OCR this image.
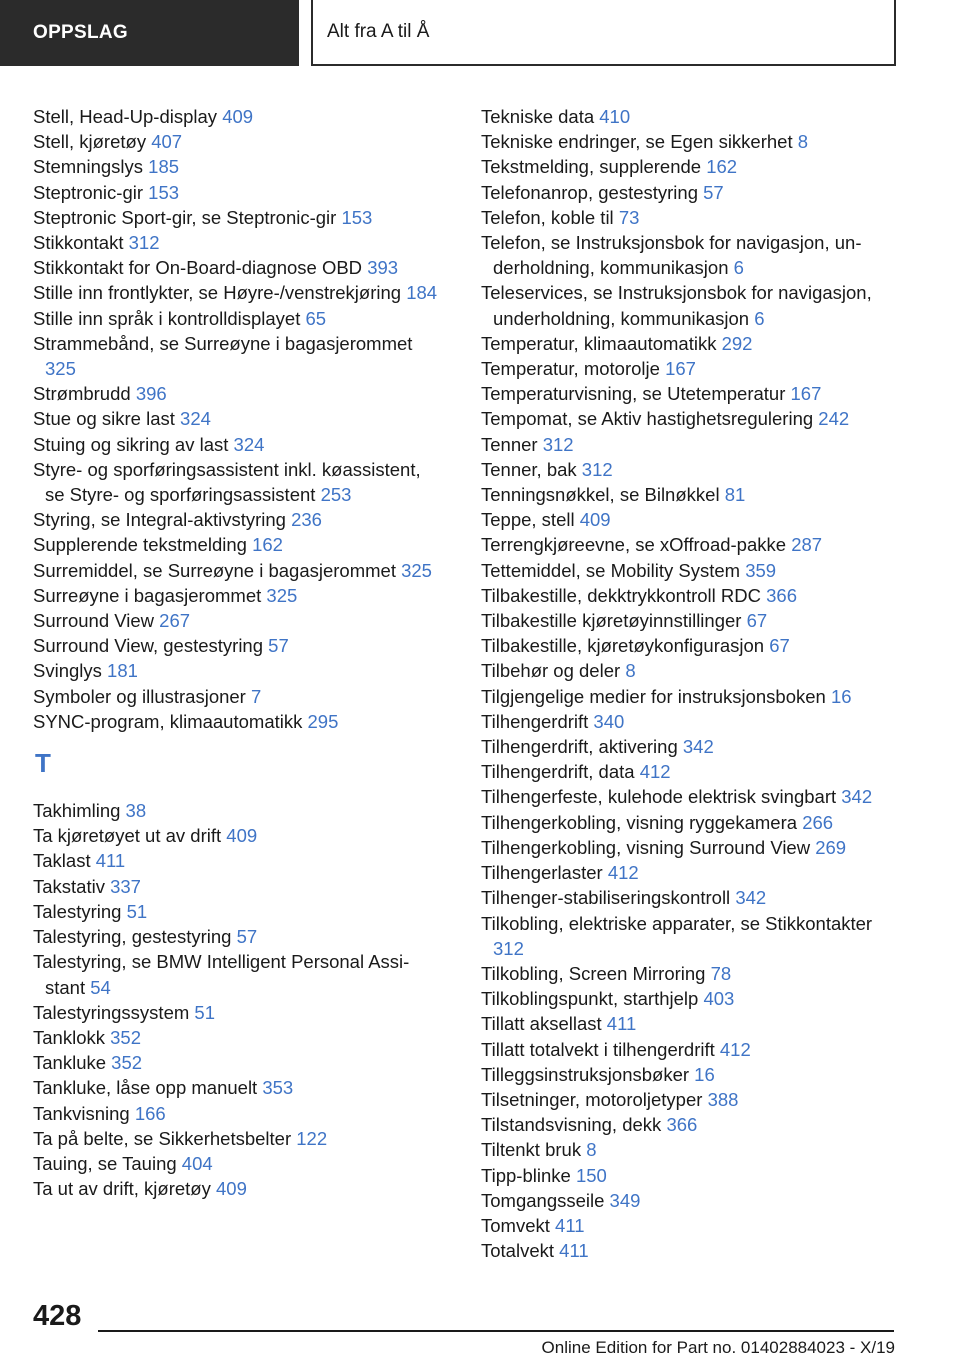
OPPSLAG	Alt fra A til Å
Stell, Head-Up-display 409
Stell, kjøretøy 407
Stemningslys 185
Steptronic-gir 153
Steptronic Sport-gir, se Steptronic-gir 153
Stikkontakt 312
Stikkontakt for On-Board-diagnose OBD 393
Stille inn frontlykter, se Høyre-/venstrekjøring 184
Stille inn språk i kontrolldisplayet 65
Strammebånd, se Surreøyne i bagasjerommet 325
Strømbrudd 396
Stue og sikre last 324
Stuing og sikring av last 324
Styre- og sporføringsassistent inkl. køassistent, se Styre- og sporføringsassistent 253
Styring, se Integral-aktivstyring 236
Supplerende tekstmelding 162
Surremiddel, se Surreøyne i bagasjerommet 325
Surreøyne i bagasjerommet 325
Surround View 267
Surround View, gestestyring 57
Svinglys 181
Symboler og illustrasjoner 7
SYNC-program, klimaautomatikk 295
T
Takhimling 38
Ta kjøretøyet ut av drift 409
Taklast 411
Takstativ 337
Talestyring 51
Talestyring, gestestyring 57
Talestyring, se BMW Intelligent Personal Assistant 54
Talestyringssystem 51
Tanklokk 352
Tankluke 352
Tankluke, låse opp manuelt 353
Tankvisning 166
Ta på belte, se Sikkerhetsbelter 122
Tauing, se Tauing 404
Ta ut av drift, kjøretøy 409
Tekniske data 410
Tekniske endringer, se Egen sikkerhet 8
Tekstmelding, supplerende 162
Telefonanrop, gestestyring 57
Telefon, koble til 73
Telefon, se Instruksjonsbok for navigasjon, underholdning, kommunikasjon 6
Teleservices, se Instruksjonsbok for navigasjon, underholdning, kommunikasjon 6
Temperatur, klimaautomatikk 292
Temperatur, motorolje 167
Temperaturvisning, se Utetemperatur 167
Tempomat, se Aktiv hastighetsregulering 242
Tenner 312
Tenner, bak 312
Tenningsnøkkel, se Bilnøkkel 81
Teppe, stell 409
Terrengkjøreevne, se xOffroad-pakke 287
Tettemiddel, se Mobility System 359
Tilbakestille, dekktrykkontroll RDC 366
Tilbakestille kjøretøyinnstillinger 67
Tilbakestille, kjøretøykonfigurasjon 67
Tilbehør og deler 8
Tilgjengelige medier for instruksjonsboken 16
Tilhengerdrift 340
Tilhengerdrift, aktivering 342
Tilhengerdrift, data 412
Tilhengerfeste, kulehode elektrisk svingbart 342
Tilhengerkobling, visning ryggekamera 266
Tilhengerkobling, visning Surround View 269
Tilhengerlaster 412
Tilhenger-stabiliseringskontroll 342
Tilkobling, elektriske apparater, se Stikkontakter 312
Tilkobling, Screen Mirroring 78
Tilkoblingspunkt, starthjelp 403
Tillatt aksellast 411
Tillatt totalvekt i tilhengerdrift 412
Tilleggsinstruksjonsbøker 16
Tilsetninger, motoroljetyper 388
Tilstandsvisning, dekk 366
Tiltenkt bruk 8
Tipp-blinke 150
Tomgangsseile 349
Tomvekt 411
Totalvekt 411
428
Online Edition for Part no. 01402884023 - X/19
